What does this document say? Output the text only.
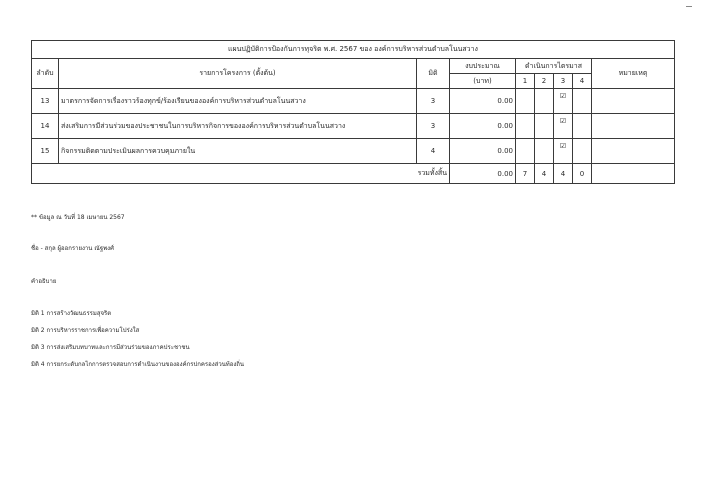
แผนปฏิบัติการป้องกันการทุจริต พ.ศ. 2567 ของ องค์การบริหารส่วนตำบลโนนสวาง								
ลำดับ	รายการโครงการ (ตั้งต้น)	มิติ	งบประมาณ	ดำเนินการไตรมาส				หมายเหตุ
			(บาท)	1	2	3	4	
13	มาตรการจัดการเรื่องราวร้องทุกข์/ร้องเรียนขององค์การบริหารส่วนตำบลโนนสวาง	3	0.00			☑		
14	ส่งเสริมการมีส่วนร่วมของประชาชนในการบริหารกิจการขององค์การบริหารส่วนตำบลโนนสวาง	3	0.00			☑		
15	กิจกรรมติดตามประเมินผลการควบคุมภายใน	4	0.00			☑		
รวมทั้งสิ้น			0.00	7	4	4	0	
** ข้อมูล ณ วันที่ 18 เมษายน 2567
ชื่อ - สกุล ผู้ออกรายงาน ณัฐพงศ์
คำอธิบาย
มิติ 1 การสร้างวัฒนธรรมสุจริต
มิติ 2 การบริหารราชการเพื่อความโปร่งใส
มิติ 3 การส่งเสริมบทบาทและการมีส่วนร่วมของภาคประชาชน
มิติ 4 การยกระดับกลไกการตรวจสอบการดำเนินงานขององค์กรปกครองส่วนท้องถิ่น
